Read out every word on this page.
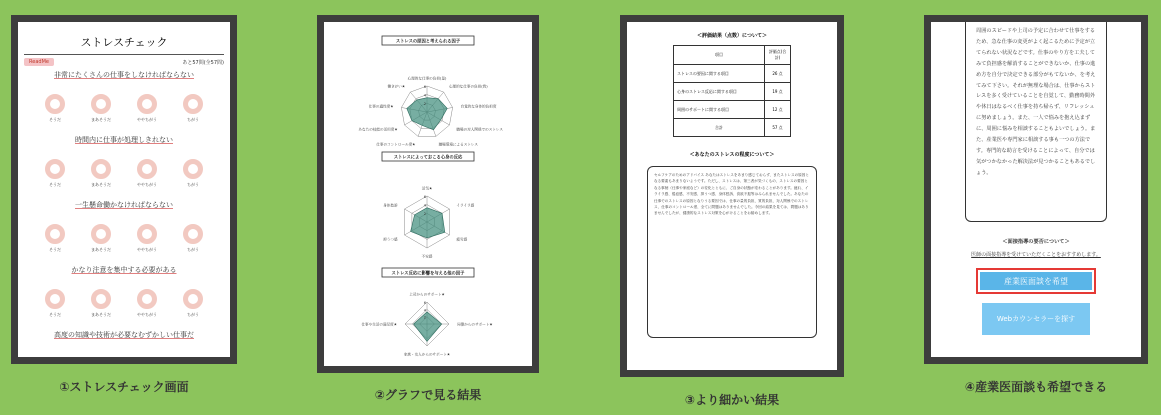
ストレスチェック
ReadMe	あと57問(全57問)
非常にたくさんの仕事をしなければならない
そうだ	まあそうだ	ややちがう	ちがう
時間内に仕事が処理しきれない
そうだ	まあそうだ	ややちがう	ちがう
一生懸命働かなければならない
そうだ	まあそうだ	ややちがう	ちがう
かなり注意を集中する必要がある
そうだ	まあそうだ	ややちがう	ちがう
高度の知識や技術が必要なむずかしい仕事だ
①ストレスチェック画面
ストレスの原因と考えられる因子
6
4
2
心理的な仕事の負担(量)
心理的な仕事の負担(質)
自覚的な身体的負担度
職場の対人関係でのストレス
職場環境によるストレス
仕事のコントロール度★
あなたの技能の活用度★
仕事の適性度★
働きがい★
ストレスによっておこる心身の反応
6
4
2
活気★
イライラ感
疲労感
不安感
抑うつ感
身体愁訴
ストレス反応に影響を与える他の因子
6
4
2
上司からのサポート★
同僚からのサポート★
家族・友人からのサポート★
仕事や生活の満足度★
②グラフで見る結果
＜評価結果（点数）について＞
項目	評価点(合計)
ストレスの要因に関する項目	26 点
心身のストレス反応に関する項目	19 点
周囲のサポートに関する項目	12 点
合計	57 点
＜あなたのストレスの程度について＞
セルフケアのためのアドバイス あなたはストレスをあまり感じておらず、またストレスの原因となる要素もあまりないようです。ただし、ストレスは、第三者が気づくもの、ストレスの要因となる事柄（仕事や家庭など）の変化とともに、ご自身の状態が変わることがあります。疲れ、イライラ感、倦怠感、不安感、抑うつ感、身体愁訴、食欲不振等はみられませんでした。あなたの仕事でのストレスの原因となりうる要因では、仕事の量的負担、質的負担、対人関係でのストレス、仕事のコントロール度、全てに問題はありませんでした。今回の結果を見ては、問題はありませんでしたが、健康的なストレス対策を心がけることをお勧めします。
③より細かい結果
周囲のスピードや上司の予定に合わせて仕事をするため、急な仕事の変更がよく起こるために予定が立てられない状況などです。仕事のやり方を工夫してみて負担感を解消することができないか、仕事の進め方を自分で決定できる部分がもてないか、を考えてみて下さい。それが無理な場合は、仕事からストレスを多く受けていることを自覚して、勤務時間外や休日はなるべく仕事を持ち帰らず、リフレッシュに努めましょう。また、一人で悩みを抱え込まずに、周囲に悩みを相談することもよいでしょう。また、産業医や専門家に相談する事も一つの方法です。専門的な助言を受けることによって、自分では気がつかなかった解決法が見つかることもあるでしょう。
＜面接指導の要否について＞
医師の面接指導を受けていただくことをおすすめします。
産業医面談を希望
Webカウンセラーを探す
④産業医面談も希望できる
